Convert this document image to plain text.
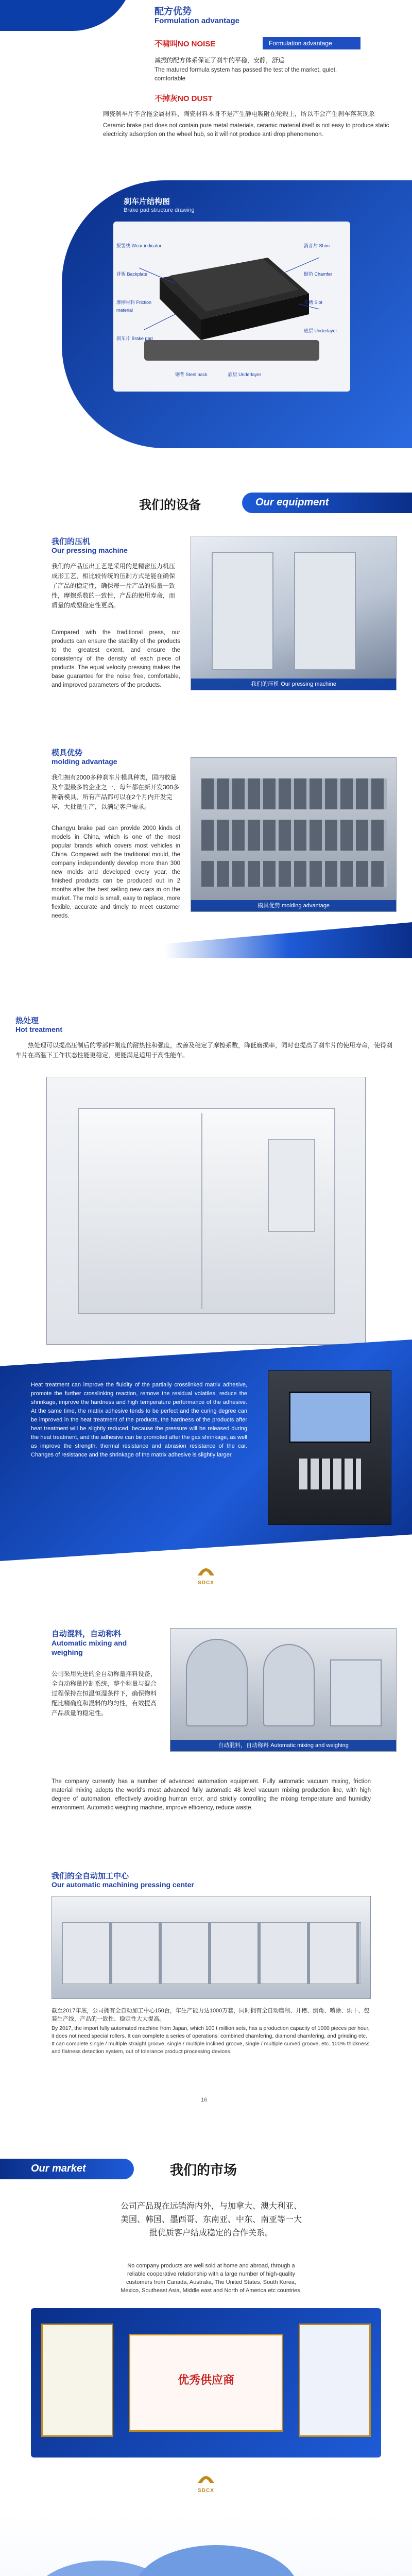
配方优势
Formulation advantage
不啸叫NO NOISE	Formulation advantage
减振的配方体系保证了刹车的平稳，安静，舒适
The matured formula system has passed the test of the market, quiet, comfortable
不掉灰NO DUST
陶瓷刹车片不含拖金属材料，陶瓷材料本身不是产生静电吸附在轮毂上，所以不会产生刹车落灰现象
Ceramic brake pad does not contain pure metal materials, ceramic material itself is not easy to produce static electricity adsorption on the wheel hub, so it will not produce anti drop phenomenon.
刹车片结构图
Brake pad structure drawing
报警线 Wear indicator
背板 Backplate
摩擦材料 Friction material
刹车片 Brake pad
消音片 Shim
倒角 Chamfer
开槽 Slot
底层 Underlayer
钢背 Steel back	底层 Underlayer
我们的设备	Our equipment
我们的压机
Our pressing machine
我们的产品压出工艺是采用的是精密压力机压成形工艺，相比较传统的压制方式是能在确保了产品的稳定性，确保每一片产品的质量一致性，摩擦系数的一致性，产品的使用寿命，而质量的成型稳定性更高。
Compared with the traditional press, our products can ensure the stability of the products to the greatest extent, and ensure the consistency of the density of each piece of products. The equal velocity pressing makes the base guarantee for the noise free, comfortable, and improved parameters of the products.	我们的压机 Our pressing machine
模具优势
molding advantage
我们拥有2000多种刹车片模具种类，国内数量及车型最多的企业之一，每年都在新开发300多种新模具，所有产品都可以在2个月内开发完毕，大批量生产，以满足客户需求。
Changyu brake pad can provide 2000 kinds of models in China, which is one of the most popular brands which covers most vehicles in China. Compared with the traditional mould, the company independently develop more than 300 new molds and developed every year, the finished products can be produced out in 2 months after the best selling new cars in on the market. The mold is small, easy to replace, more flexible, accurate and timely to meet customer needs.
模具优势 molding advantage
热处理
Hot treatment
热处理可以提高压制后的零部件刚度的耐热性和强度，改善及稳定了摩擦系数，降低磨损率，同时也提高了刹车片的使用寿命，使得刹车片在高温下工作状态性能更稳定，更能满足适用于高性能车。
Heat treatment can improve the fluidity of the partially crosslinked matrix adhesive, promote the further crosslinking reaction, remove the residual volatiles, reduce the shrinkage, improve the hardness and high temperature performance of the adhesive. At the same time, the matrix adhesive tends to be perfect and the curing degree can be improved in the heat treatment of the products, the hardness of the products after heat treatment will be slightly reduced, because the pressure will be released during the heat treatment, and the adhesive can be promoted after the gas shrinkage, as well as improve the strength, thermal resistance and abrasion resistance of the car. Changes of resistance and the shrinkage of the matrix adhesive is slightly larger.
SDCX
自动混料，自动称料
Automatic mixing and weighing
公司采用先进的全自动称量拌料设备，全自动称量控制系统，整个称量与混合过程保持在恒温恒湿条件下，确保物料配比精确度和混料的均匀性，有效提高产品质量的稳定性。
自动混料，自动称料 Automatic mixing and weighing
The company currently has a number of advanced automation equipment. Fully automatic vacuum mixing, friction material mixing adopts the world's most advanced fully automatic 48 level vacuum mixing production line, with high degree of automation, effectively avoiding human error, and strictly controlling the mixing temperature and humidity environment. Automatic weighing machine, improve efficiency, reduce waste.
我们的全自动加工中心
Our automatic machining pressing center
截至2017年底，公司拥有全自动加工中心150台，年生产能力达1000万套，同时拥有全自动磨削、开槽、倒角、喷涂、烘干、包装生产线，产品的一致性、稳定性大大提高。
By 2017, the import fully automated machine from Japan, which 100 t million sets, has a production capacity of 1000 pieces per hour, it does not need special rollers. It can complete a series of operations: combined chamfering, diamond chamfering, and grinding etc. It can complete single / multiple straight groove, single / multiple inclined groove, single / multiple curved groove, etc. 100% thickness and flatness detection system, out of tolerance product processing devices.
16
Our market	我们的市场
公司产品现在远销海内外，与加拿大、澳大利亚、美国、韩国、墨西哥、东南亚、中东、南亚等一大批优质客户结成稳定的合作关系。
No company products are well sold at home and abroad, through a reliable cooperative relationship with a large number of high-quality customers from Canada, Australia, The United States, South Korea, Mexico, Southeast Asia, Middle east and North of America etc countries.
优秀供应商
SDCX
